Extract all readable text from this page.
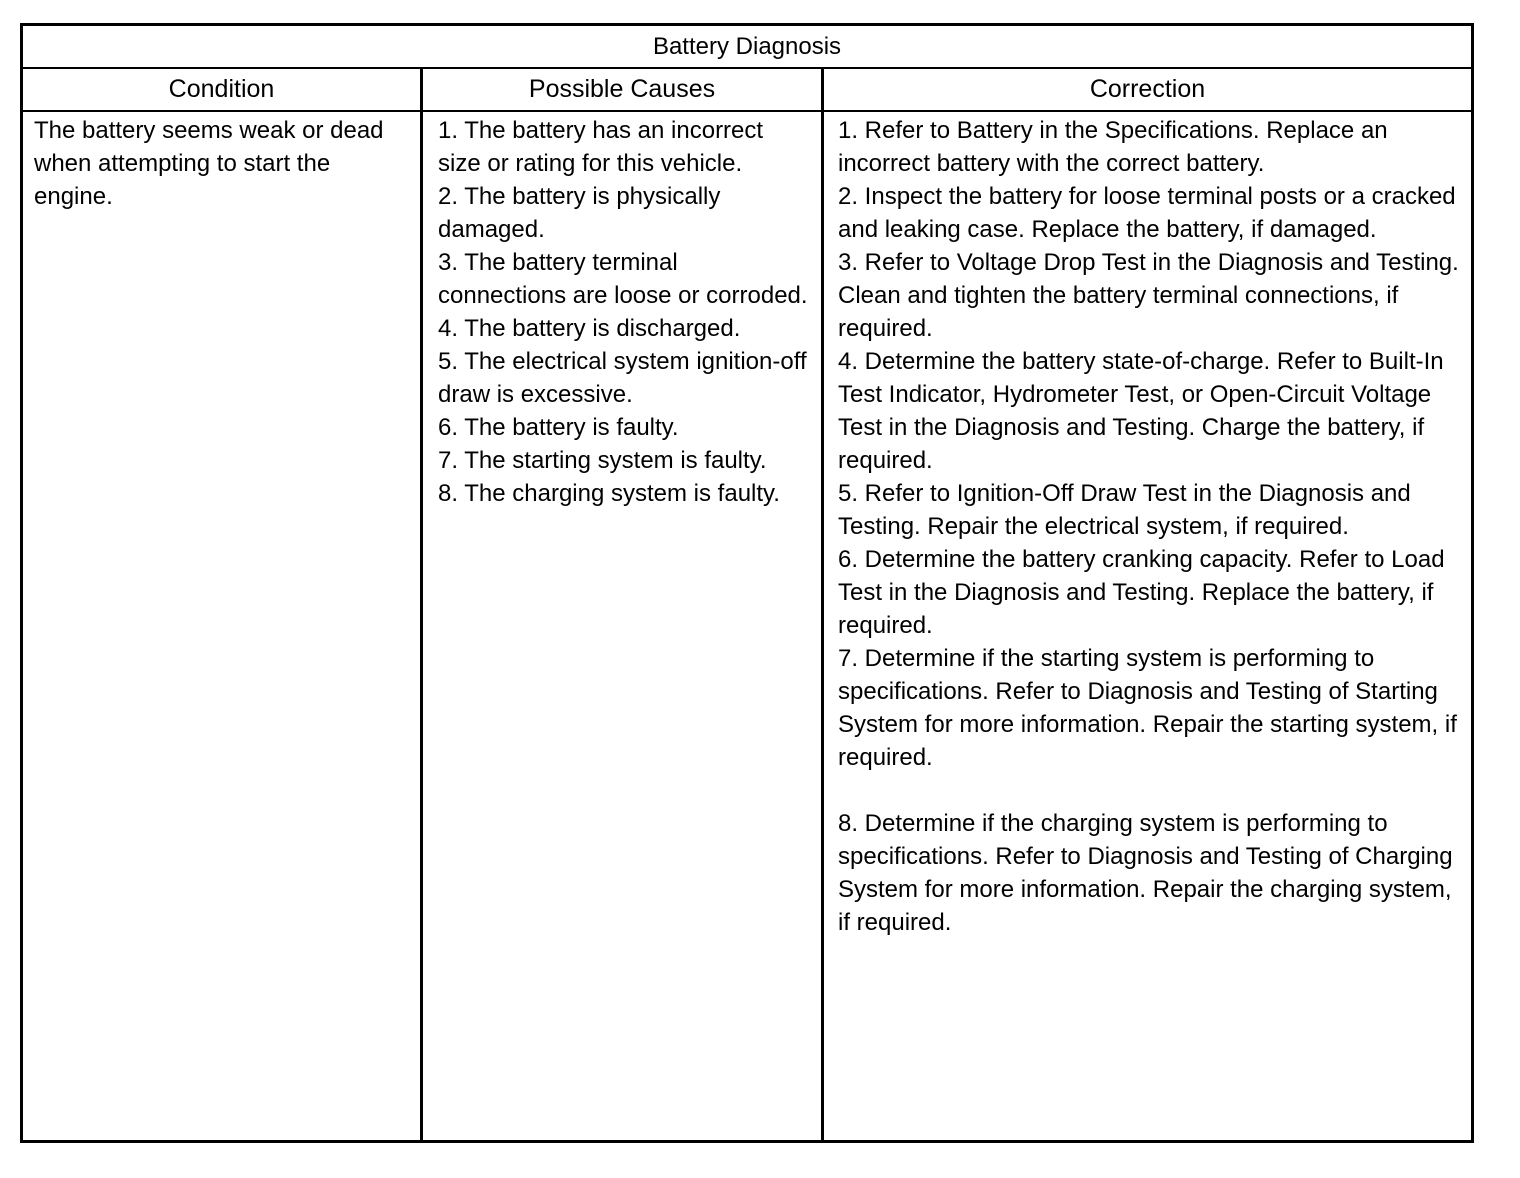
Battery Diagnosis
Condition	Possible Causes	Correction

The battery seems weak or dead when attempting to start the engine.

1. The battery has an incorrect size or rating for this vehicle.

2. The battery is physically damaged.

3. The battery terminal connections are loose or corroded.

4. The battery is discharged.

5. The electrical system ignition-off draw is excessive.

6. The battery is faulty.

7. The starting system is faulty.

8. The charging system is faulty.

1. Refer to Battery in the Specifications. Replace an incorrect battery with the correct battery.

2. Inspect the battery for loose terminal posts or a cracked and leaking case. Replace the battery, if damaged.

3. Refer to Voltage Drop Test in the Diagnosis and Testing. Clean and tighten the battery terminal connections, if required.

4. Determine the battery state-of-charge. Refer to Built-In Test Indicator, Hydrometer Test, or Open-Circuit Voltage Test in the Diagnosis and Testing. Charge the battery, if required.

5. Refer to Ignition-Off Draw Test in the Diagnosis and Testing. Repair the electrical system, if required.

6. Determine the battery cranking capacity. Refer to Load Test in the Diagnosis and Testing. Replace the battery, if required.

7. Determine if the starting system is performing to specifications. Refer to Diagnosis and Testing of Starting System for more information. Repair the starting system, if required.

8. Determine if the charging system is performing to specifications. Refer to Diagnosis and Testing of Charging System for more information. Repair the charging system, if required.
